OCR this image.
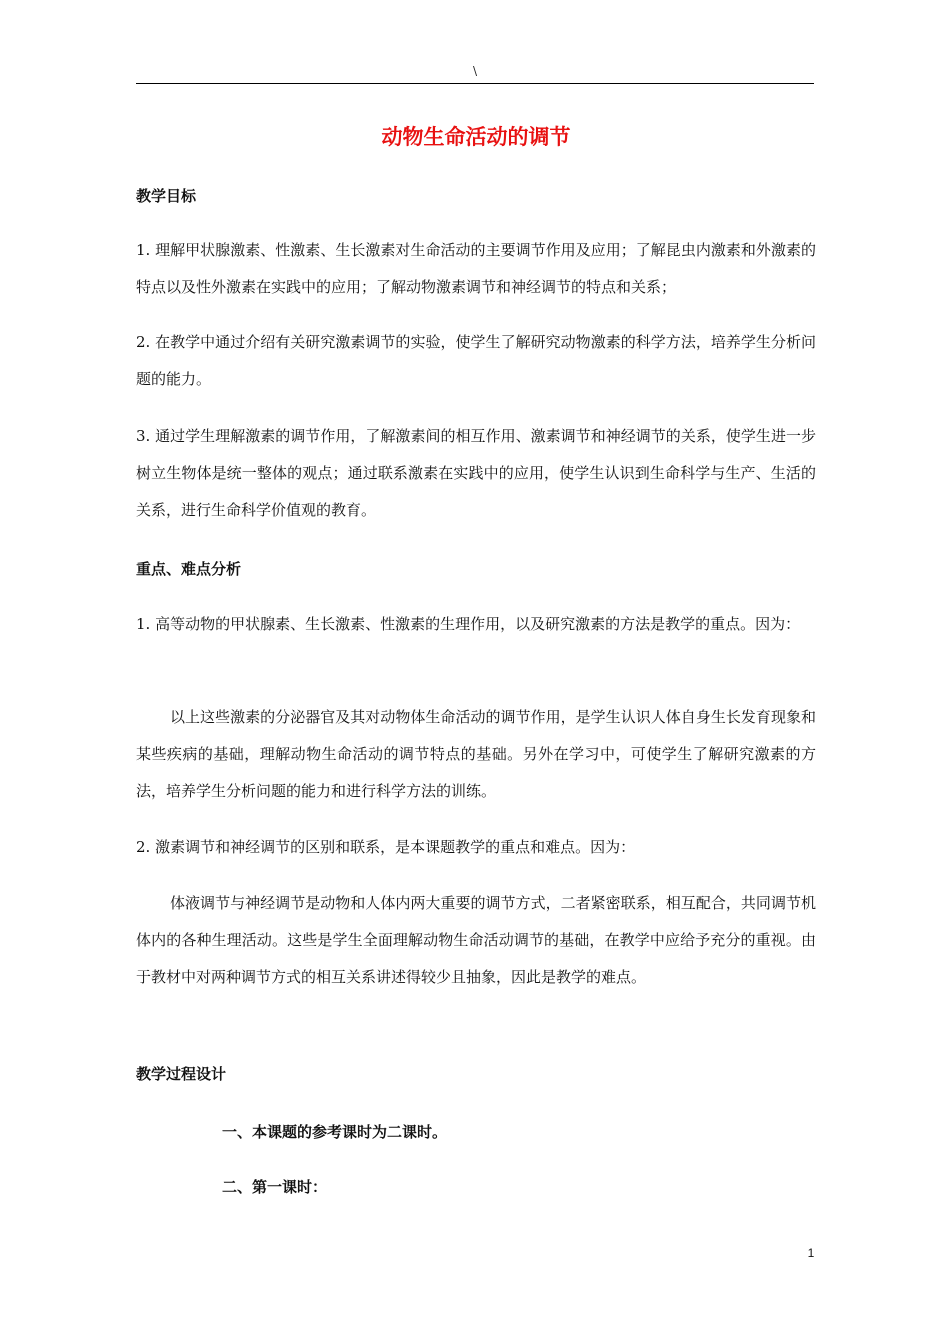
\
动物生命活动的调节
教学目标

1. 理解甲状腺激素、性激素、生长激素对生命活动的主要调节作用及应用；了解昆虫内激素和外激素的特点以及性外激素在实践中的应用；了解动物激素调节和神经调节的特点和关系；

2. 在教学中通过介绍有关研究激素调节的实验，使学生了解研究动物激素的科学方法，培养学生分析问题的能力。

3. 通过学生理解激素的调节作用，了解激素间的相互作用、激素调节和神经调节的关系，使学生进一步树立生物体是统一整体的观点；通过联系激素在实践中的应用，使学生认识到生命科学与生产、生活的关系，进行生命科学价值观的教育。

重点、难点分析

1. 高等动物的甲状腺素、生长激素、性激素的生理作用，以及研究激素的方法是教学的重点。因为：

以上这些激素的分泌器官及其对动物体生命活动的调节作用，是学生认识人体自身生长发育现象和某些疾病的基础，理解动物生命活动的调节特点的基础。另外在学习中，可使学生了解研究激素的方法，培养学生分析问题的能力和进行科学方法的训练。

2. 激素调节和神经调节的区别和联系，是本课题教学的重点和难点。因为：

体液调节与神经调节是动物和人体内两大重要的调节方式，二者紧密联系，相互配合，共同调节机体内的各种生理活动。这些是学生全面理解动物生命活动调节的基础，在教学中应给予充分的重视。由于教材中对两种调节方式的相互关系讲述得较少且抽象，因此是教学的难点。

教学过程设计
一、本课题的参考课时为二课时。
二、第一课时：
1
